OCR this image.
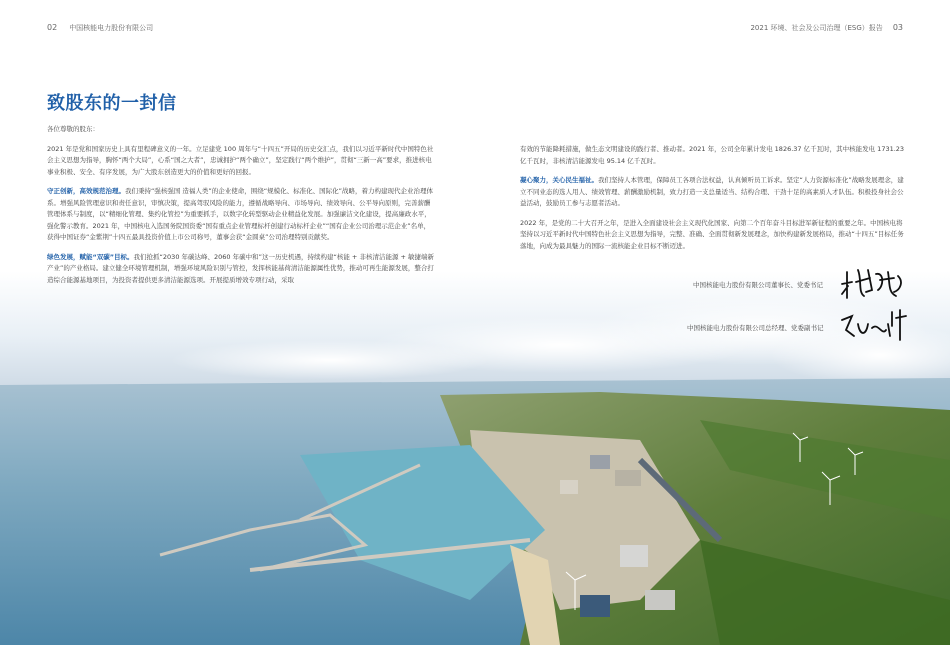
02 中国核能电力股份有限公司	2021 环境、社会及公司治理（ESG）报告 03
致股东的一封信

各位尊敬的股东：

2021 年是党和国家历史上具有里程碑意义的一年。立足建党 100 周年与“十四五”开局的历史交汇点，我们以习近平新时代中国特色社会主义思想为指导，胸怀“两个大局”，心系“国之大者”，忠诚拥护“两个确立”，坚定践行“两个维护”，贯彻“三新一高”要求，推进核电事业积极、安全、有序发展，为广大股东创造更大的价值和更好的回报。

守正创新，高效规范治理。我们秉持“强核强国 造福人类”的企业使命，围绕“规模化、标准化、国际化”战略，着力构建现代企业治理体系。增强风险管理意识和责任意识，审慎决策，提高驾驭风险的能力，遵循战略导向、市场导向、绩效导向、公平导向原则，完善薪酬管理体系与制度，以“精细化管理、集约化管控”为重要抓手，以数字化转型驱动企业精益化发展。加强廉洁文化建设，提高廉政水平，强化警示教育。2021 年，中国核电入选国务院国资委“国有重点企业管理标杆创建行动标杆企业”“国有企业公司治理示范企业”名单，获得中国证券“金紫荆”十四五最具投资价值上市公司称号，董事会获“金圆桌”公司治理特别贡献奖。

绿色发展，赋能“双碳”目标。我们抢抓“2030 年碳达峰、2060 年碳中和”这一历史机遇，持续构建“核能 + 非核清洁能源 + 敏捷端新产业”的产业格局。建立健全环境管理机制，增强环境风险识别与管控，发挥核能基荷清洁能源属性优势，推动可再生能源发展，整合打造综合能源基地项目，为投资者提供更多清洁能源选项。开展提质增效专项行动，采取

有效的节能降耗措施，做生态文明建设的践行者、推动者。2021 年，公司全年累计发电 1826.37 亿千瓦时，其中核能发电 1731.23 亿千瓦时，非核清洁能源发电 95.14 亿千瓦时。

凝心聚力，关心民生福祉。我们坚持人本管理，保障员工各项合法权益，认真倾听员工诉求。坚定“人力资源标准化”战略发展理念，建立不同业态的选人用人、绩效管理、薪酬激励机制，致力打造一支总量适当、结构合理、干劲十足的高素质人才队伍。积极投身社会公益活动，鼓励员工参与志愿者活动。

2022 年，是党的二十大召开之年，是进入全面建设社会主义现代化国家、向第二个百年奋斗目标进军新征程的重要之年。中国核电将坚持以习近平新时代中国特色社会主义思想为指导，完整、准确、全面贯彻新发展理念，加快构建新发展格局，推动“十四五”目标任务落地，向成为最具魅力的国际一流核能企业目标不断迈进。

中国核能电力股份有限公司董事长、党委书记
中国核能电力股份有限公司总经理、党委副书记
